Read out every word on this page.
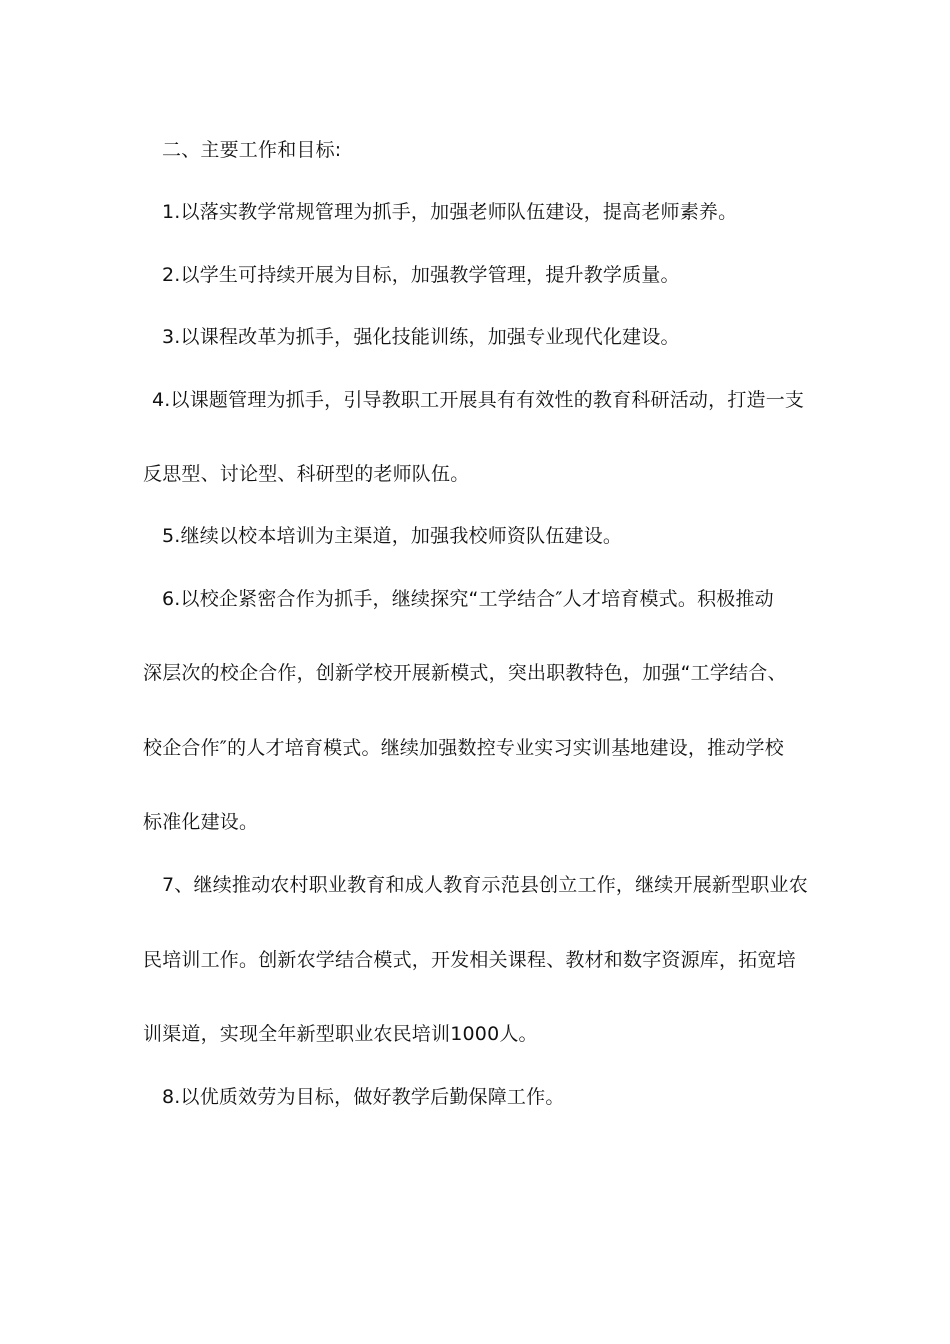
二、主要工作和目标:
1.以落实教学常规管理为抓手，加强老师队伍建设，提高老师素养。
2.以学生可持续开展为目标，加强教学管理，提升教学质量。
3.以课程改革为抓手，强化技能训练，加强专业现代化建设。
4.以课题管理为抓手，引导教职工开展具有有效性的教育科研活动，打造一支
反思型、讨论型、科研型的老师队伍。
5.继续以校本培训为主渠道，加强我校师资队伍建设。
6.以校企紧密合作为抓手，继续探究“工学结合″人才培育模式。积极推动
深层次的校企合作，创新学校开展新模式，突出职教特色，加强“工学结合、
校企合作″的人才培育模式。继续加强数控专业实习实训基地建设，推动学校
标准化建设。
7、继续推动农村职业教育和成人教育示范县创立工作，继续开展新型职业农
民培训工作。创新农学结合模式，开发相关课程、教材和数字资源库，拓宽培
训渠道，实现全年新型职业农民培训1000人。
8.以优质效劳为目标，做好教学后勤保障工作。
